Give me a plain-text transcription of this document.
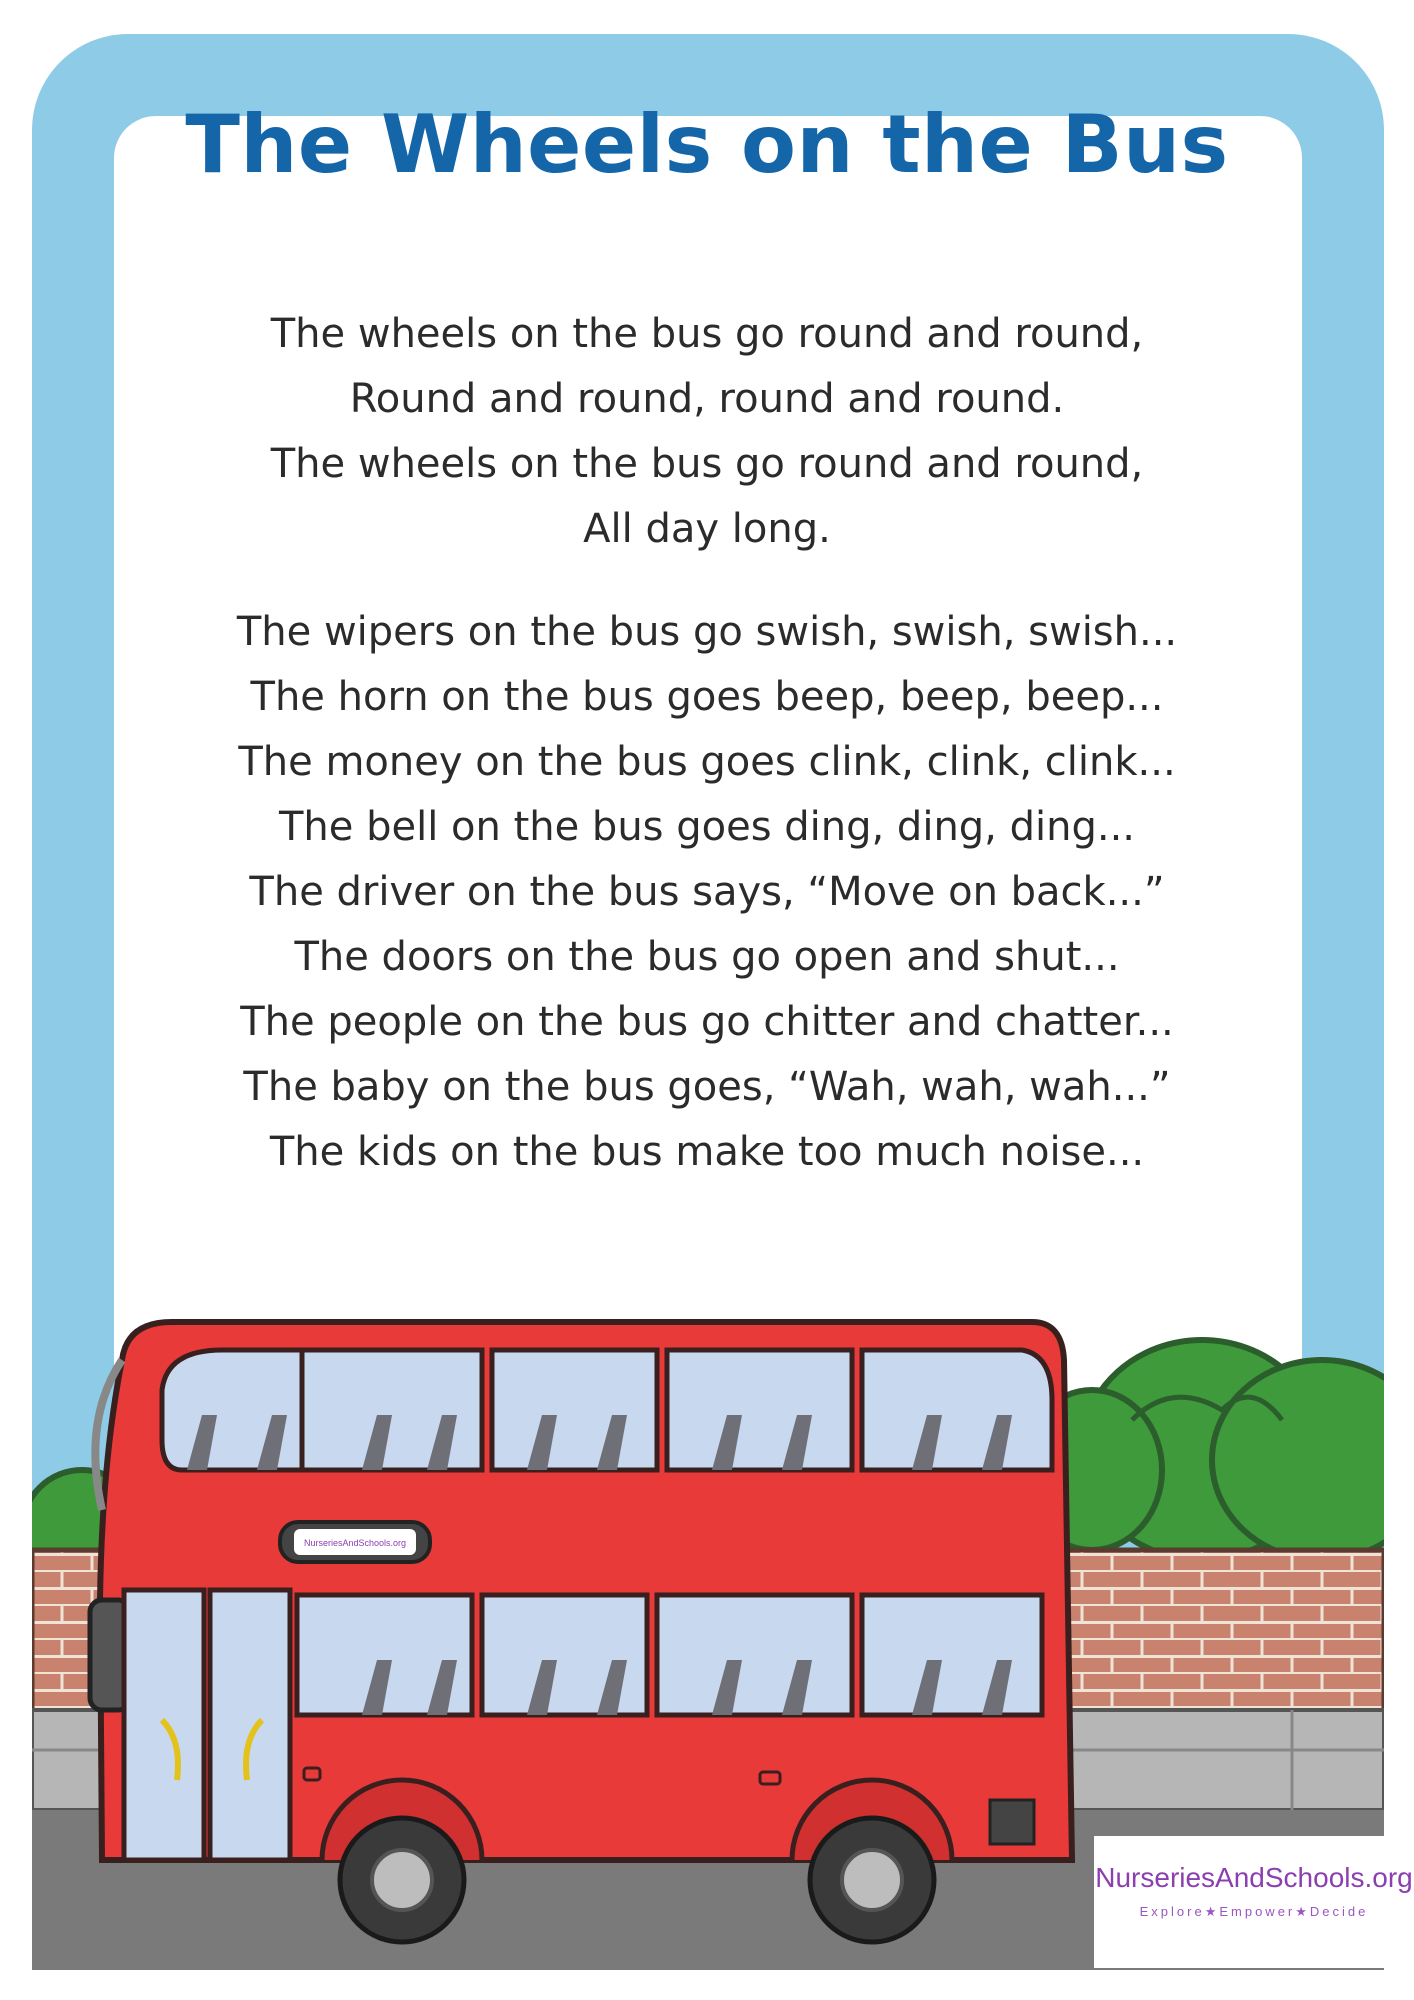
The Wheels on the Bus
The wheels on the bus go round and round,
Round and round, round and round.
The wheels on the bus go round and round,
All day long.
The wipers on the bus go swish, swish, swish...
The horn on the bus goes beep, beep, beep...
The money on the bus goes clink, clink, clink...
The bell on the bus goes ding, ding, ding...
The driver on the bus says, “Move on back...”
The doors on the bus go open and shut...
The people on the bus go chitter and chatter...
The baby on the bus goes, “Wah, wah, wah...”
The kids on the bus make too much noise...
NurseriesAndSchools.org
NurseriesAndSchools.org
Explore★Empower★Decide
